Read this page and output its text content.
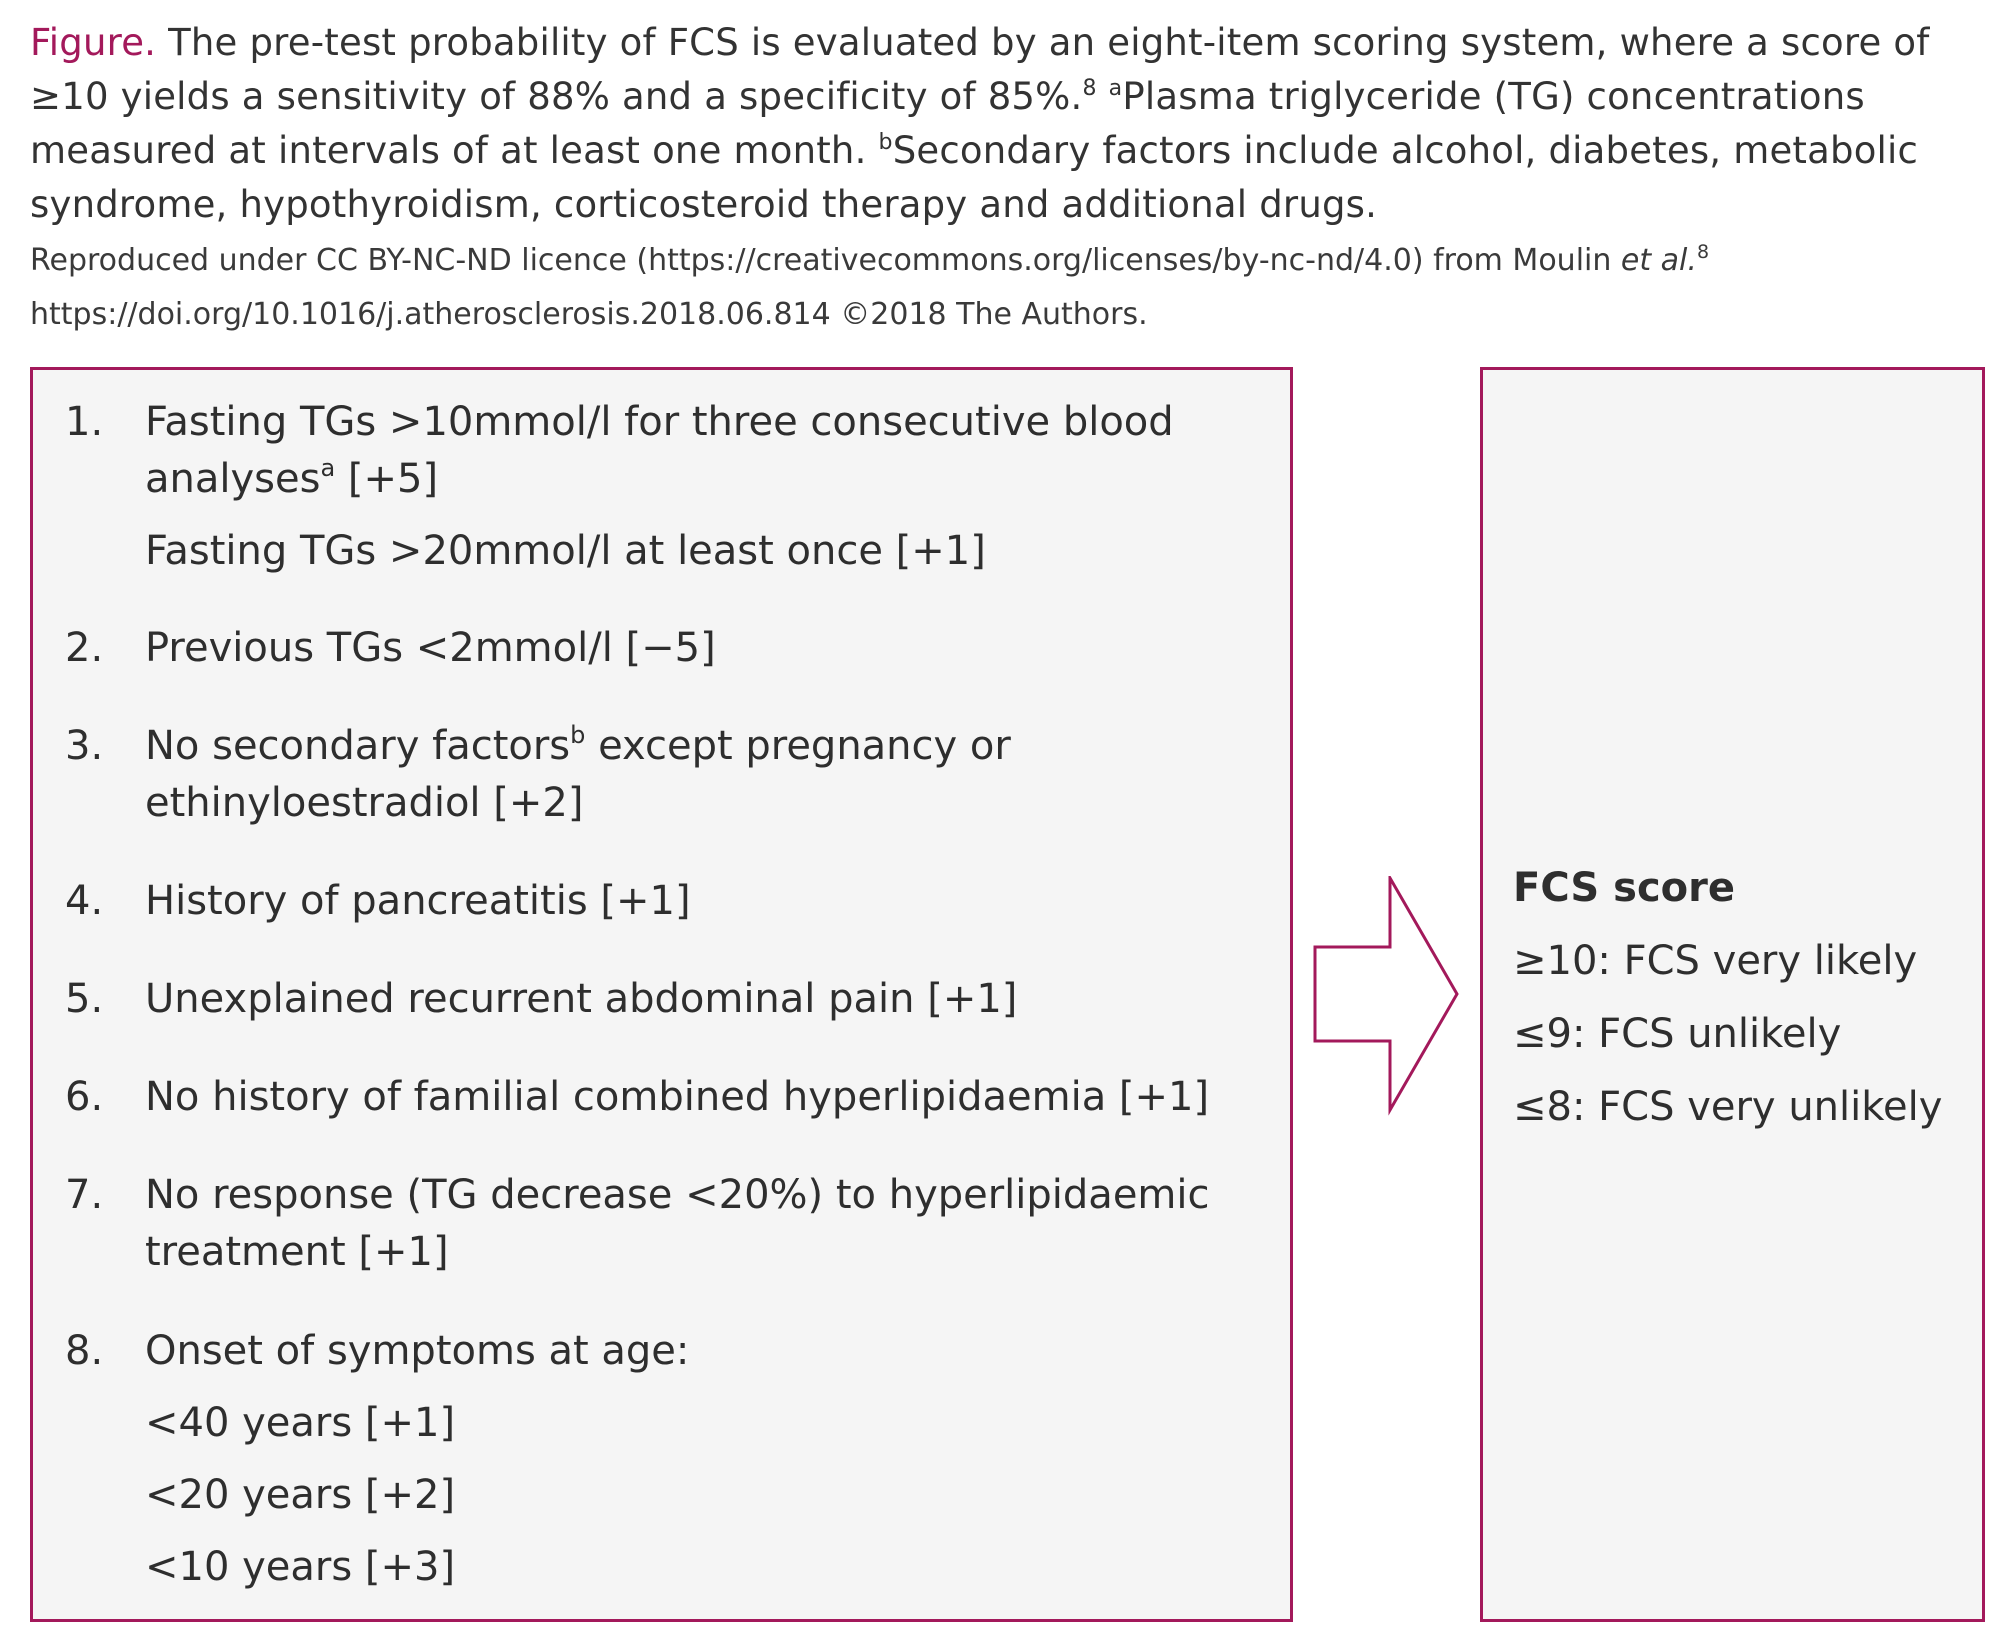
Figure. The pre-test probability of FCS is evaluated by an eight-item scoring system, where a score of ≥10 yields a sensitivity of 88% and a specificity of 85%.$^8$ $^a$Plasma triglyceride (TG) concentrations measured at intervals of at least one month. $^b$Secondary factors include alcohol, diabetes, metabolic syndrome, hypothyroidism, corticosteroid therapy and additional drugs.
Reproduced under CC BY-NC-ND licence (https://creativecommons.org/licenses/by-nc-nd/4.0) from Moulin et al.$^8$
https://doi.org/10.1016/j.atherosclerosis.2018.06.814 ©2018 The Authors.
1. Fasting TGs >10mmol/l for three consecutive blood analyses$^a$ [+5]
Fasting TGs >20mmol/l at least once [+1]
2. Previous TGs <2mmol/l [−5]
3. No secondary factors$^b$ except pregnancy or ethinyloestradiol [+2]
4. History of pancreatitis [+1]
5. Unexplained recurrent abdominal pain [+1]
6. No history of familial combined hyperlipidaemia [+1]
7. No response (TG decrease <20%) to hyperlipidaemic treatment [+1]
8. Onset of symptoms at age:
<40 years [+1]
<20 years [+2]
<10 years [+3]
FCS score
≥10: FCS very likely
≤9: FCS unlikely
≤8: FCS very unlikely
